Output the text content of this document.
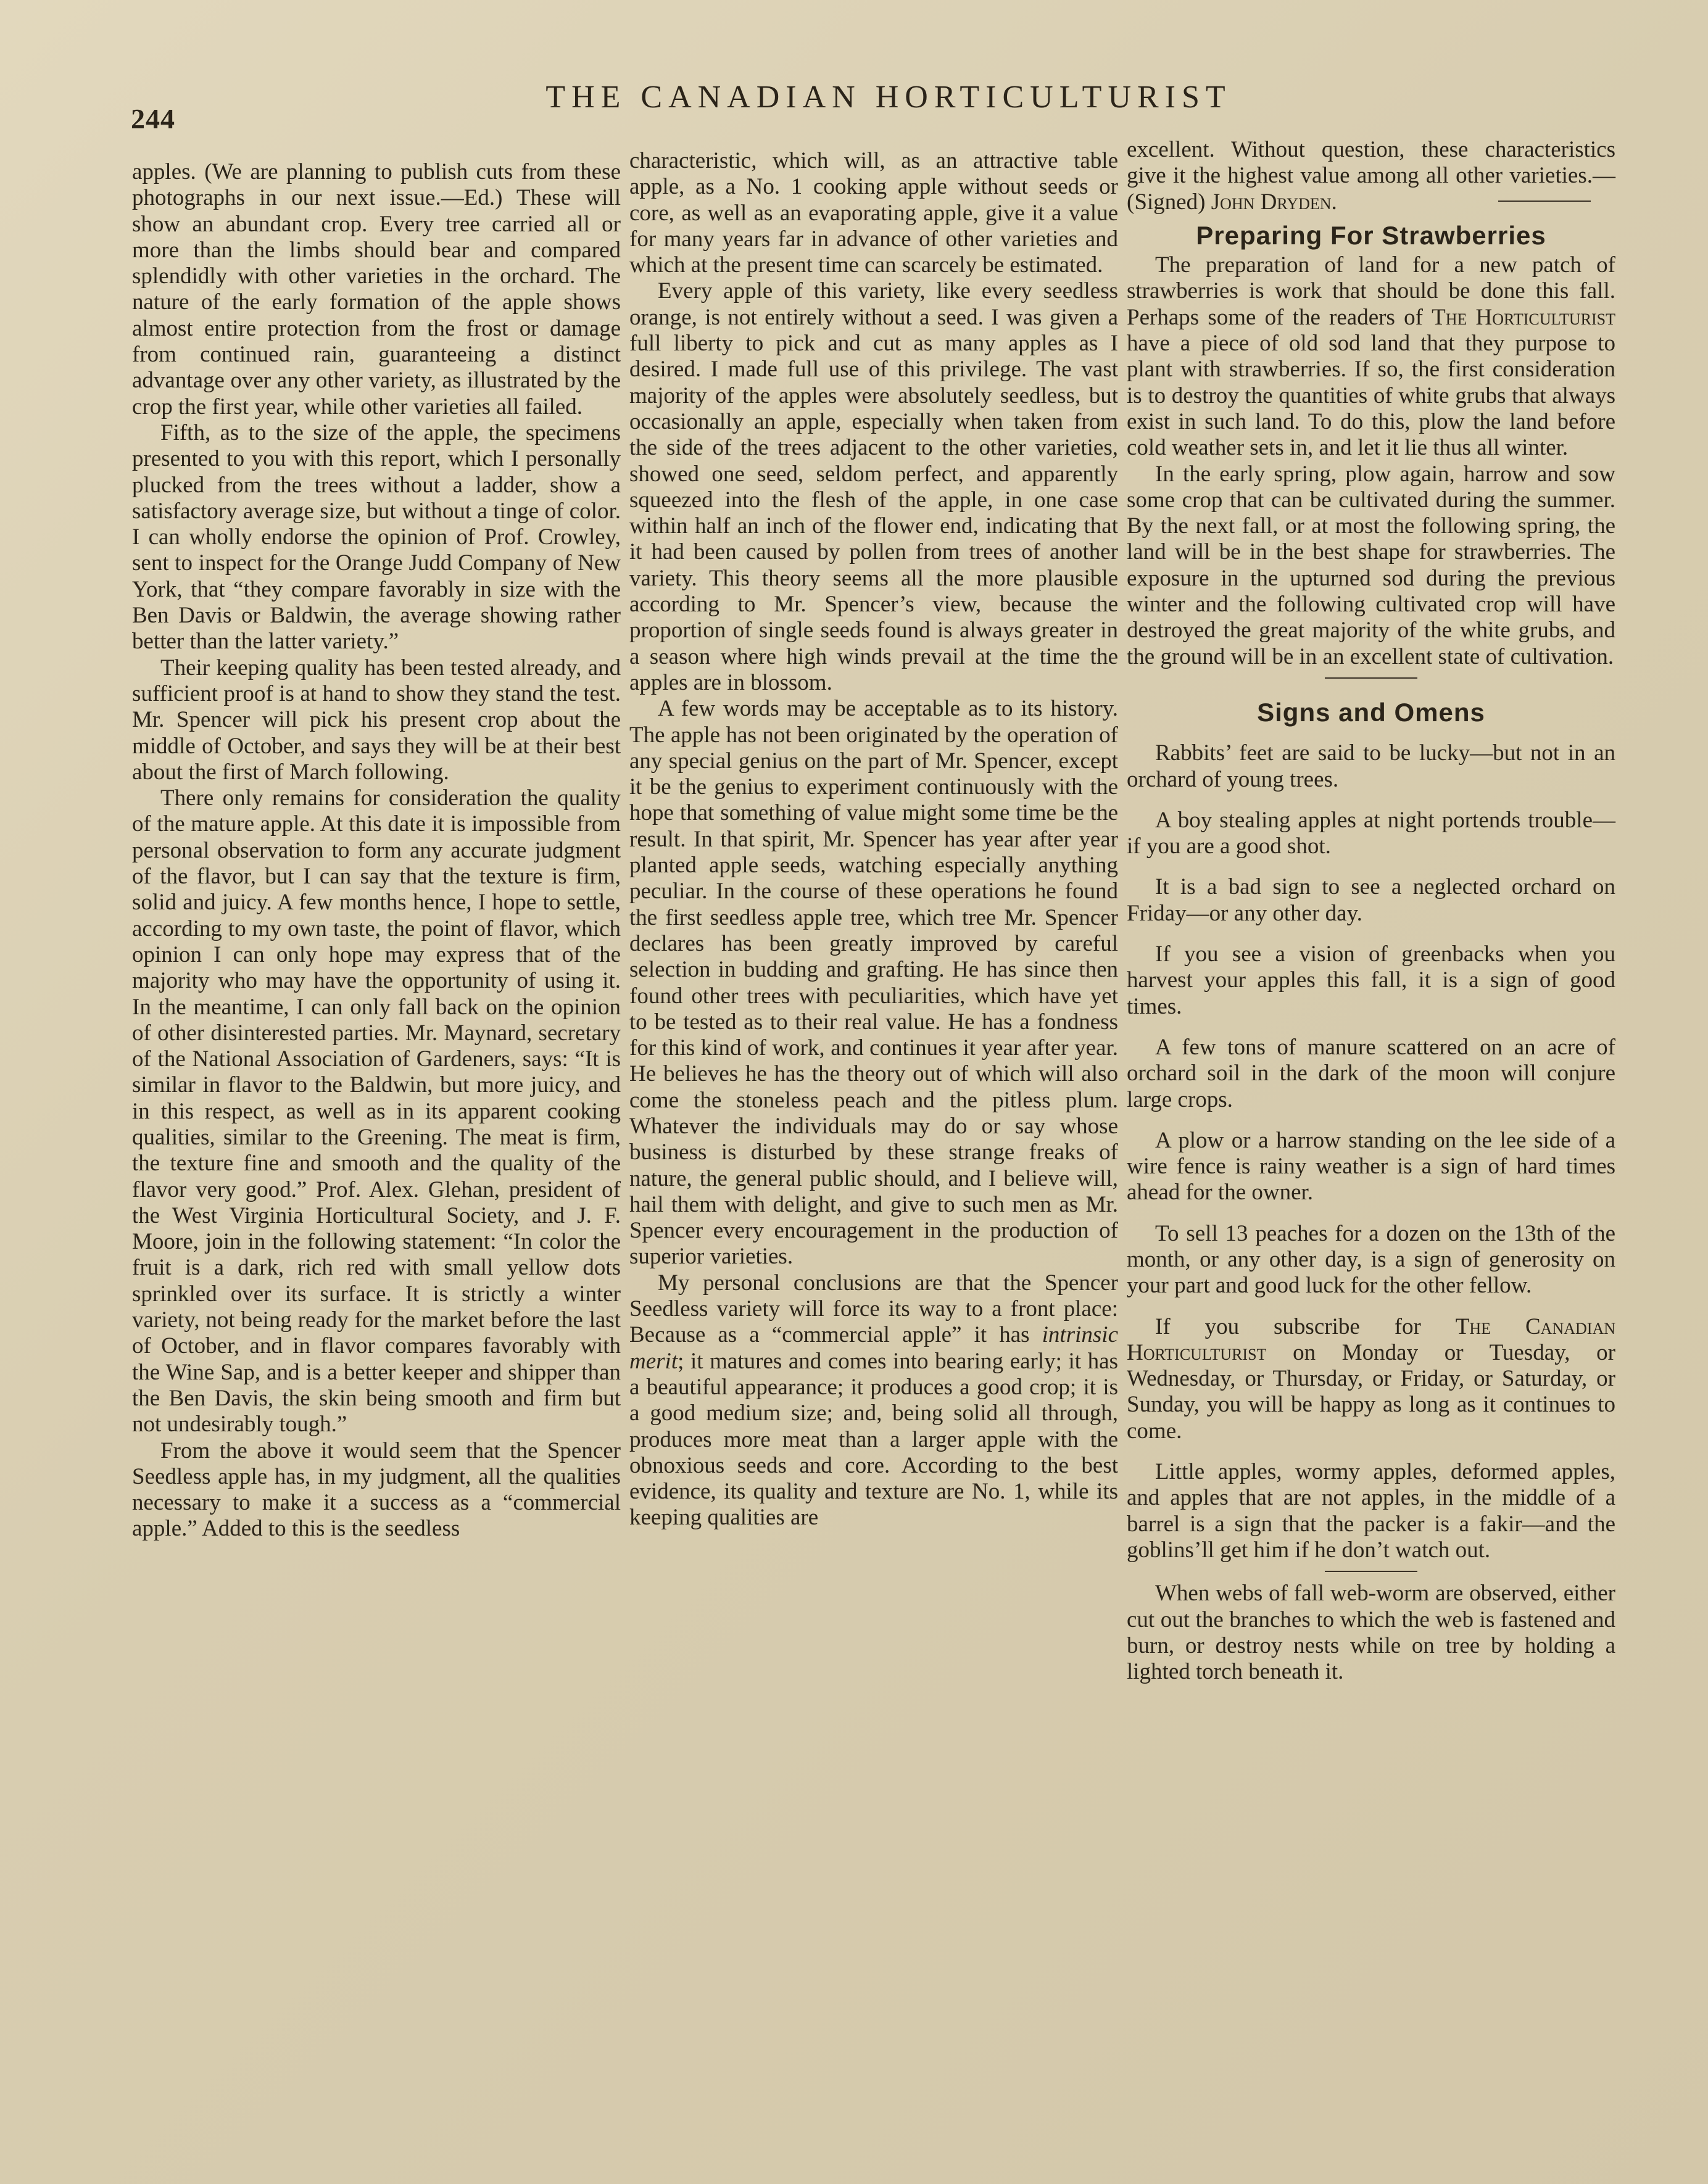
244
THE CANADIAN HORTICULTURIST

apples. (We are planning to publish cuts from these photographs in our next issue.—Ed.) These will show an abundant crop. Every tree carried all or more than the limbs should bear and compared splendidly with other varieties in the orchard. The nature of the early formation of the apple shows almost entire protection from the frost or damage from continued rain, guaranteeing a distinct advantage over any other variety, as illustrated by the crop the first year, while other varieties all failed.

Fifth, as to the size of the apple, the specimens presented to you with this report, which I personally plucked from the trees without a ladder, show a satisfactory average size, but without a tinge of color. I can wholly endorse the opinion of Prof. Crowley, sent to inspect for the Orange Judd Company of New York, that “they compare favorably in size with the Ben Davis or Baldwin, the average showing rather better than the latter variety.”

Their keeping quality has been tested already, and sufficient proof is at hand to show they stand the test. Mr. Spencer will pick his present crop about the middle of October, and says they will be at their best about the first of March following.

There only remains for consideration the quality of the mature apple. At this date it is impossible from personal observation to form any accurate judgment of the flavor, but I can say that the texture is firm, solid and juicy. A few months hence, I hope to settle, according to my own taste, the point of flavor, which opinion I can only hope may express that of the majority who may have the opportunity of using it. In the meantime, I can only fall back on the opinion of other disinterested parties. Mr. Maynard, secretary of the National Association of Gardeners, says: “It is similar in flavor to the Baldwin, but more juicy, and in this respect, as well as in its apparent cooking qualities, similar to the Greening. The meat is firm, the texture fine and smooth and the quality of the flavor very good.” Prof. Alex. Glehan, president of the West Virginia Horticultural Society, and J. F. Moore, join in the following statement: “In color the fruit is a dark, rich red with small yellow dots sprinkled over its surface. It is strictly a winter variety, not being ready for the market before the last of October, and in flavor compares favorably with the Wine Sap, and is a better keeper and shipper than the Ben Davis, the skin being smooth and firm but not undesirably tough.”

From the above it would seem that the Spencer Seedless apple has, in my judgment, all the qualities necessary to make it a success as a “commercial apple.” Added to this is the seedless

characteristic, which will, as an attractive table apple, as a No. 1 cooking apple without seeds or core, as well as an evaporating apple, give it a value for many years far in advance of other varieties and which at the present time can scarcely be estimated.

Every apple of this variety, like every seedless orange, is not entirely without a seed. I was given a full liberty to pick and cut as many apples as I desired. I made full use of this privilege. The vast majority of the apples were absolutely seedless, but occasionally an apple, especially when taken from the side of the trees adjacent to the other varieties, showed one seed, seldom perfect, and apparently squeezed into the flesh of the apple, in one case within half an inch of the flower end, indicating that it had been caused by pollen from trees of another variety. This theory seems all the more plausible according to Mr. Spencer’s view, because the proportion of single seeds found is always greater in a season where high winds prevail at the time the apples are in blossom.

A few words may be acceptable as to its history. The apple has not been originated by the operation of any special genius on the part of Mr. Spencer, except it be the genius to experiment continuously with the hope that something of value might some time be the result. In that spirit, Mr. Spencer has year after year planted apple seeds, watching especially anything peculiar. In the course of these operations he found the first seedless apple tree, which tree Mr. Spencer declares has been greatly improved by careful selection in budding and grafting. He has since then found other trees with peculiarities, which have yet to be tested as to their real value. He has a fondness for this kind of work, and continues it year after year. He believes he has the theory out of which will also come the stoneless peach and the pitless plum. Whatever the individuals may do or say whose business is disturbed by these strange freaks of nature, the general public should, and I believe will, hail them with delight, and give to such men as Mr. Spencer every encouragement in the production of superior varieties.

My personal conclusions are that the Spencer Seedless variety will force its way to a front place: Because as a “commercial apple” it has intrinsic merit; it matures and comes into bearing early; it has a beautiful appearance; it produces a good crop; it is a good medium size; and, being solid all through, produces more meat than a larger apple with the obnoxious seeds and core. According to the best evidence, its quality and texture are No. 1, while its keeping qualities are

excellent. Without question, these characteristics give it the highest value among all other varieties.—(Signed) John Dryden.

Preparing For Strawberries

The preparation of land for a new patch of strawberries is work that should be done this fall. Perhaps some of the readers of The Horticulturist have a piece of old sod land that they purpose to plant with strawberries. If so, the first consideration is to destroy the quantities of white grubs that always exist in such land. To do this, plow the land before cold weather sets in, and let it lie thus all winter.

In the early spring, plow again, harrow and sow some crop that can be cultivated during the summer. By the next fall, or at most the following spring, the land will be in the best shape for strawberries. The exposure in the upturned sod during the previous winter and the following cultivated crop will have destroyed the great majority of the white grubs, and the ground will be in an excellent state of cultivation.

Signs and Omens

Rabbits’ feet are said to be lucky—but not in an orchard of young trees.

A boy stealing apples at night portends trouble—if you are a good shot.

It is a bad sign to see a neglected orchard on Friday—or any other day.

If you see a vision of greenbacks when you harvest your apples this fall, it is a sign of good times.

A few tons of manure scattered on an acre of orchard soil in the dark of the moon will conjure large crops.

A plow or a harrow standing on the lee side of a wire fence is rainy weather is a sign of hard times ahead for the owner.

To sell 13 peaches for a dozen on the 13th of the month, or any other day, is a sign of generosity on your part and good luck for the other fellow.

If you subscribe for The Canadian Horticulturist on Monday or Tuesday, or Wednesday, or Thursday, or Friday, or Saturday, or Sunday, you will be happy as long as it continues to come.

Little apples, wormy apples, deformed apples, and apples that are not apples, in the middle of a barrel is a sign that the packer is a fakir—and the goblins’ll get him if he don’t watch out.

When webs of fall web-worm are observed, either cut out the branches to which the web is fastened and burn, or destroy nests while on tree by holding a lighted torch beneath it.
